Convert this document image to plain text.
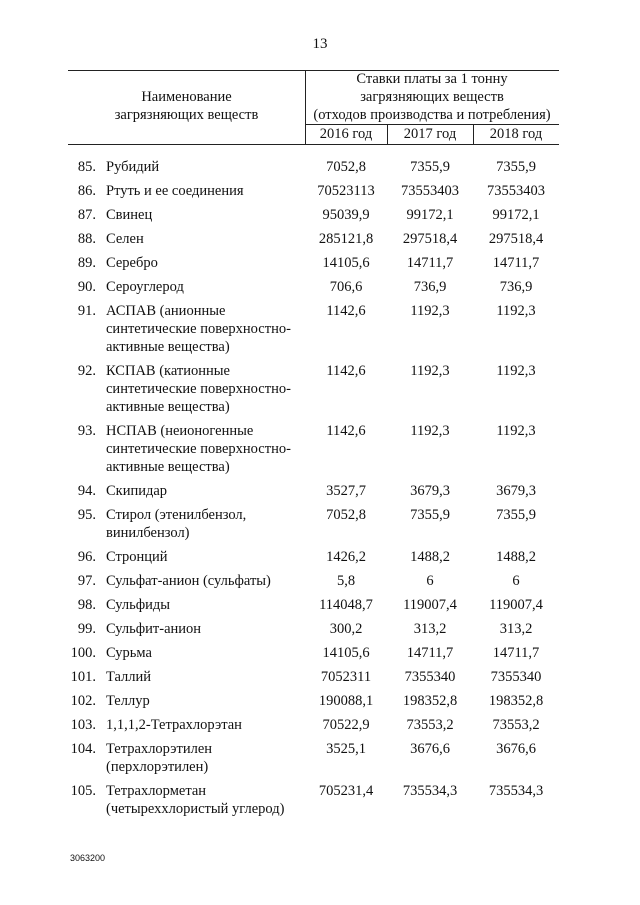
13
Наименование
загрязняющих веществ
Ставки платы за 1 тонну
загрязняющих веществ
(отходов производства и потребления)
2016 год	2017 год	2018 год
85. Рубидий	7052,8	7355,9	7355,9
86. Ртуть и ее соединения	70523113	73553403	73553403
87. Свинец	95039,9	99172,1	99172,1
88. Селен	285121,8	297518,4	297518,4
89. Серебро	14105,6	14711,7	14711,7
90. Сероуглерод	706,6	736,9	736,9
91. АСПАВ (анионные
синтетические поверхностно-
активные вещества)
1142,6	1192,3	1192,3
92. КСПАВ (катионные
синтетические поверхностно-
активные вещества)
1142,6	1192,3	1192,3
93. НСПАВ (неионогенные
синтетические поверхностно-
активные вещества)
1142,6	1192,3	1192,3
94. Скипидар	3527,7	3679,3	3679,3
95. Стирол (этенилбензол,
винилбензол)
7052,8	7355,9	7355,9
96. Стронций	1426,2	1488,2	1488,2
97. Сульфат-анион (сульфаты)	5,8	6	6
98. Сульфиды	114048,7	119007,4	119007,4
99. Сульфит-анион	300,2	313,2	313,2
100. Сурьма	14105,6	14711,7	14711,7
101. Таллий	7052311	7355340	7355340
102. Теллур	190088,1	198352,8	198352,8
103. 1,1,1,2-Тетрахлорэтан	70522,9	73553,2	73553,2
104. Тетрахлорэтилен
(перхлорэтилен)
3525,1	3676,6	3676,6
105. Тетрахлорметан
(четыреххлористый углерод)
705231,4	735534,3	735534,3
3063200
